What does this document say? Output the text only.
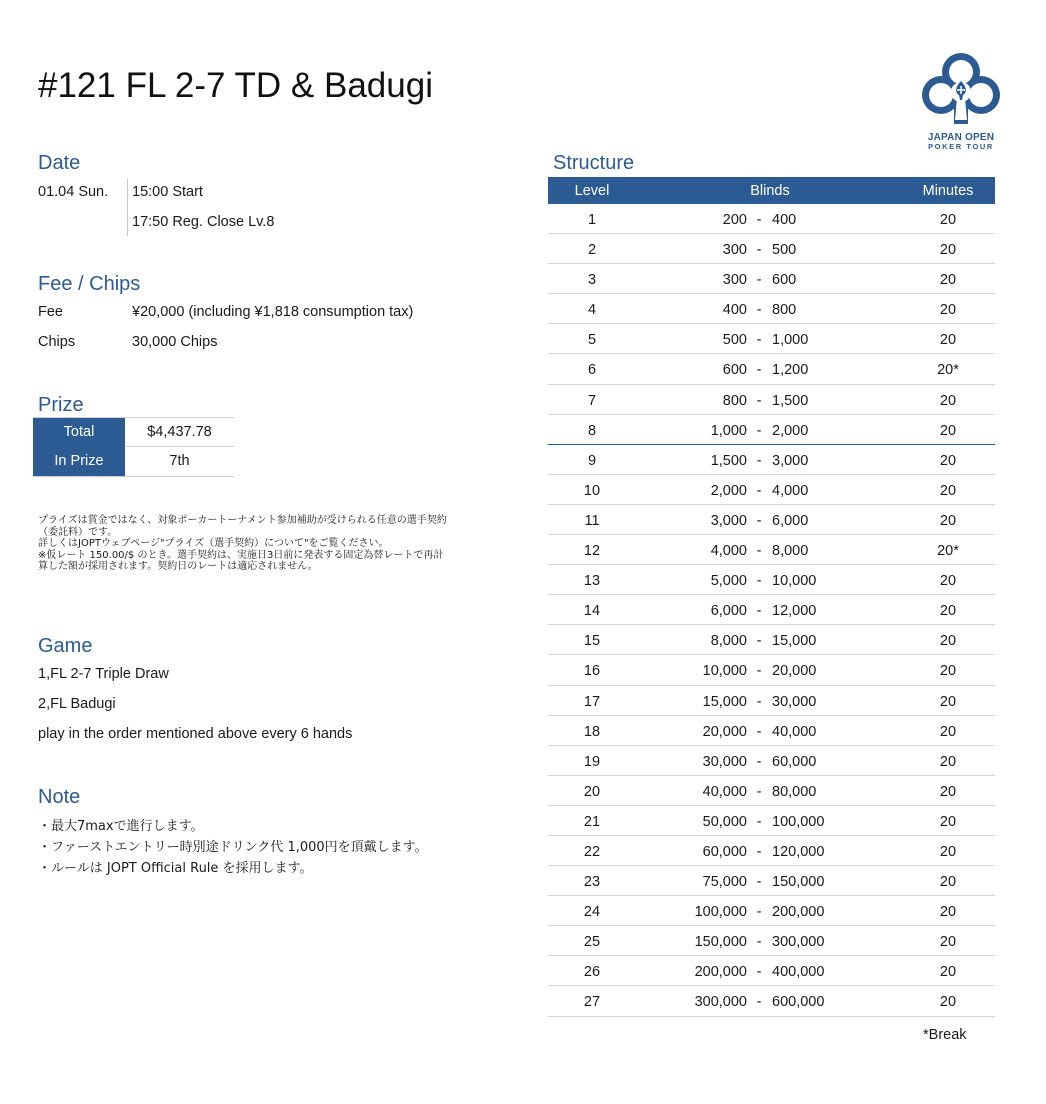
#121 FL 2-7 TD & Badugi
JAPAN OPEN
POKER TOUR
Date
01.04 Sun. 15:00 Start
17:50 Reg. Close Lv.8
Fee / Chips
Fee	¥20,000 (including ¥1,818 consumption tax)
Chips	30,000 Chips
Prize
Total	$4,437.78
In Prize	7th
プライズは賞金ではなく、対象ポーカートーナメント参加補助が受けられる任意の選手契約
（委託料）です。
詳しくはJOPTウェブページ"プライズ（選手契約）について"をご覧ください。
※仮レート 150.00/$ のとき。選手契約は、実施日3日前に発表する固定為替レートで再計
算した額が採用されます。契約日のレートは適応されません。
Game
1,FL 2-7 Triple Draw
2,FL Badugi
play in the order mentioned above every 6 hands
Note
・最大7maxで進行します。
・ファーストエントリー時別途ドリンク代 1,000円を頂戴します。
・ルールは JOPT Official Rule を採用します。
Structure
Level	Blinds	Minutes
1	200 - 400	20
2	300 - 500	20
3	300 - 600	20
4	400 - 800	20
5	500 - 1,000	20
6	600 - 1,200	20*
7	800 - 1,500	20
8	1,000 - 2,000	20
9	1,500 - 3,000	20
10	2,000 - 4,000	20
11	3,000 - 6,000	20
12	4,000 - 8,000	20*
13	5,000 - 10,000	20
14	6,000 - 12,000	20
15	8,000 - 15,000	20
16	10,000 - 20,000	20
17	15,000 - 30,000	20
18	20,000 - 40,000	20
19	30,000 - 60,000	20
20	40,000 - 80,000	20
21	50,000 - 100,000	20
22	60,000 - 120,000	20
23	75,000 - 150,000	20
24	100,000 - 200,000	20
25	150,000 - 300,000	20
26	200,000 - 400,000	20
27	300,000 - 600,000	20
*Break
